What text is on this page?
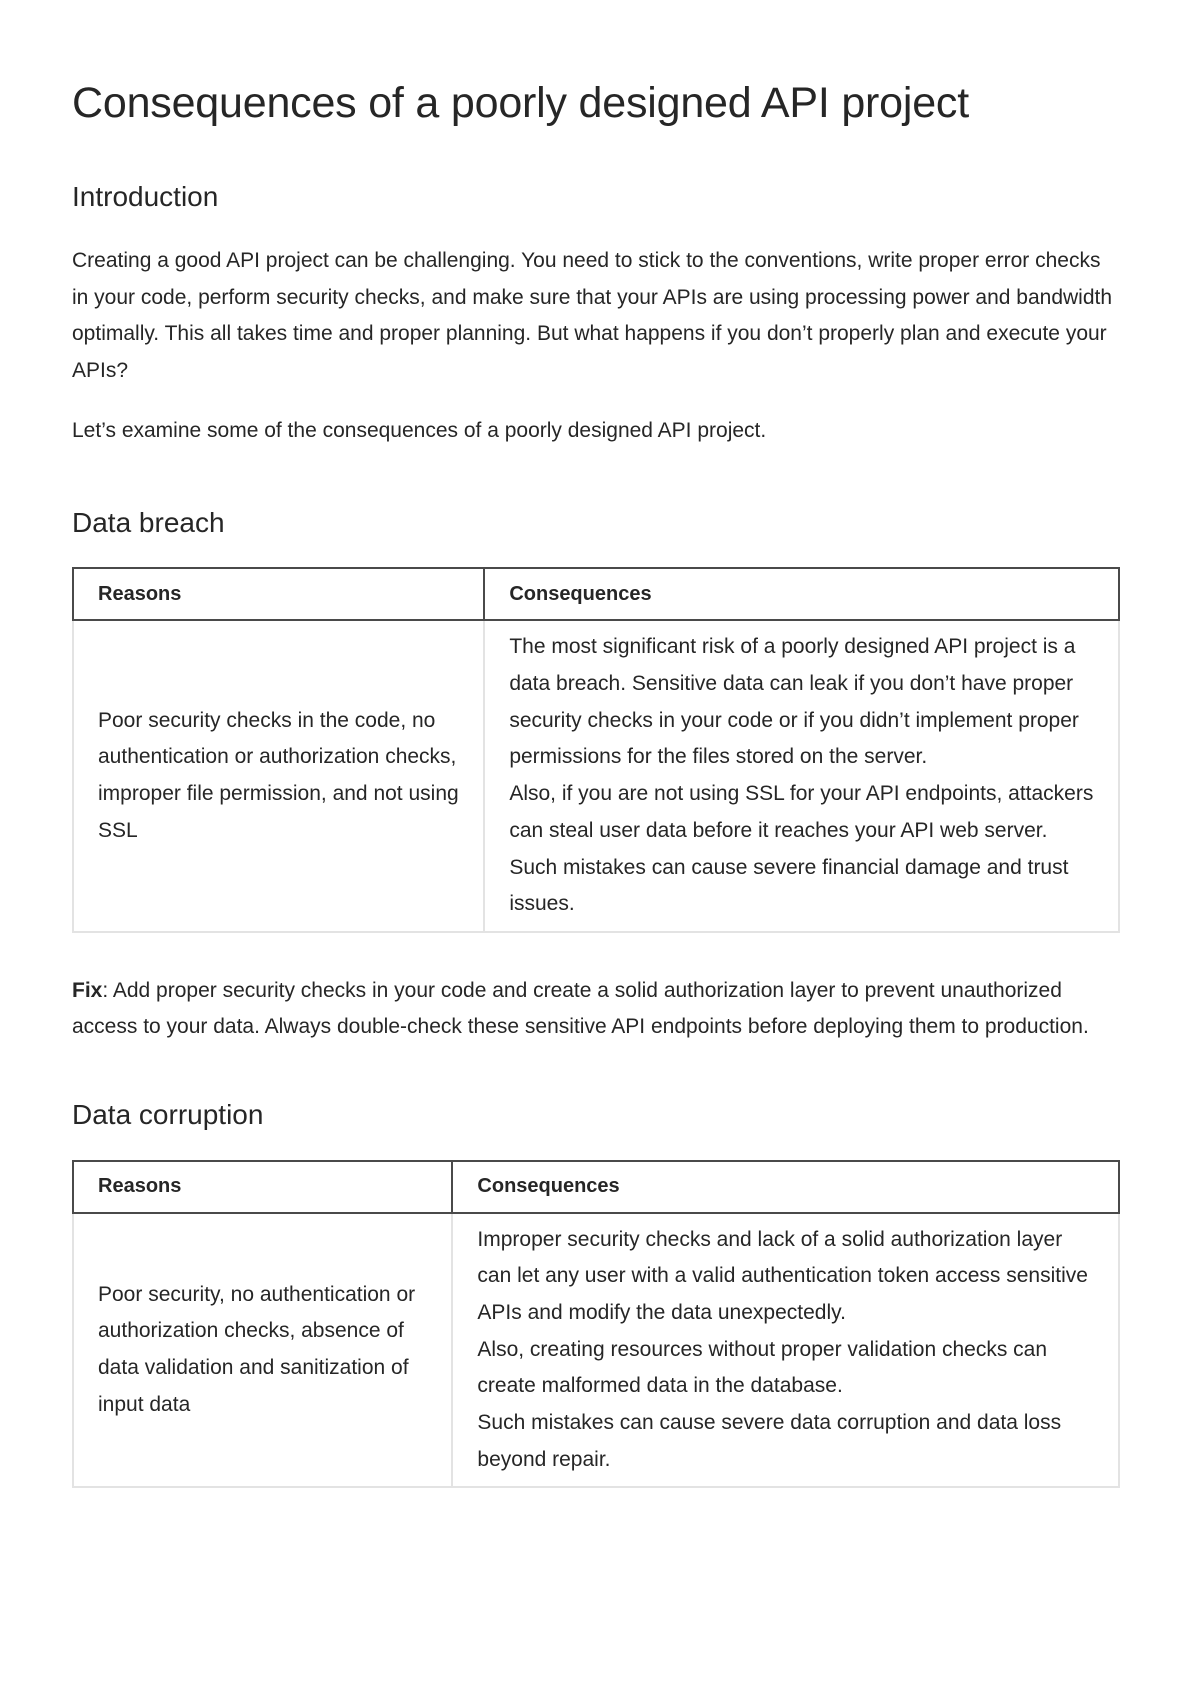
Consequences of a poorly designed API project
Introduction

Creating a good API project can be challenging. You need to stick to the conventions, write proper error checks in your code, perform security checks, and make sure that your APIs are using processing power and bandwidth optimally. This all takes time and proper planning. But what happens if you don’t properly plan and execute your APIs?

Let’s examine some of the consequences of a poorly designed API project.

Data breach
Reasons	Consequences
Poor security checks in the code, no authentication or authorization checks, improper file permission, and not using SSL	The most significant risk of a poorly designed API project is a data breach. Sensitive data can leak if you don’t have proper security checks in your code or if you didn’t implement proper permissions for the files stored on the server.
Also, if you are not using SSL for your API endpoints, attackers can steal user data before it reaches your API web server.
Such mistakes can cause severe financial damage and trust issues.

Fix: Add proper security checks in your code and create a solid authorization layer to prevent unauthorized access to your data. Always double-check these sensitive API endpoints before deploying them to production.

Data corruption
Reasons	Consequences
Poor security, no authentication or authorization checks, absence of data validation and sanitization of input data	Improper security checks and lack of a solid authorization layer can let any user with a valid authentication token access sensitive APIs and modify the data unexpectedly.
Also, creating resources without proper validation checks can create malformed data in the database.
Such mistakes can cause severe data corruption and data loss beyond repair.
